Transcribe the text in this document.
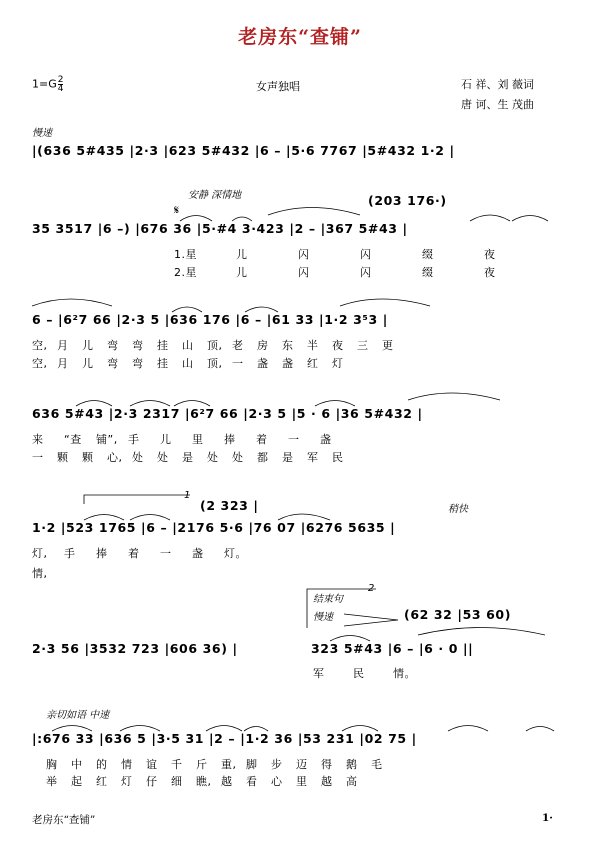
老房东“查铺”
$1=G \frac{2}{4}$	女声独唱	石 祥、刘 薇词
唐 诃、生 茂曲
慢速
安静 深情地
稍快
结束句
慢速
亲切如语 中速
1
2
|(636 5#435 |2·3 |623 5#432 |6 – |5·6 7767 |5#432 1·2 |
(203 176·)
35 3517 |6 –) |676 36 |5·#4 3·423 |2 – |367 5#43 |
1.星	儿	闪	闪	缀	夜
2.星	儿	闪	闪	缀	夜
6 – |6²7 66 |2·3 5 |636 176 |6 – |61 33 |1·2 3⁵3 |
空, 月 儿 弯 弯 挂 山 顶, 老 房 东 半 夜 三 更
空, 月 儿 弯 弯 挂 山 顶, 一 盏 盏 红 灯
636 5#43 |2·3 2317 |6²7 66 |2·3 5 |5 · 6 |36 5#432 |
来 “查 铺”, 手 儿 里 捧 着 一 盏
一 颗 颗 心, 处 处 是 处 处 都 是 军 民
(2 323 |
1·2 |523 1765 |6 – |2176 5·6 |76 07 |6276 5635 |
灯, 手 捧 着 一 盏 灯。
情,
(62 32 |53 60)
2·3 56 |3532 723 |606 36) |	323 5#43 |6 – |6 · 0 ||
军	民	情。
|:676 33 |636 5 |3·5 31 |2 – |1·2 36 |53 231 |02 75 |
胸 中 的 情 谊 千 斤 重, 脚 步 迈 得 鹅 毛
举 起 红 灯 仔 细 瞧, 越 看 心 里 越 高
𝄋
老房东“查铺”	1·
